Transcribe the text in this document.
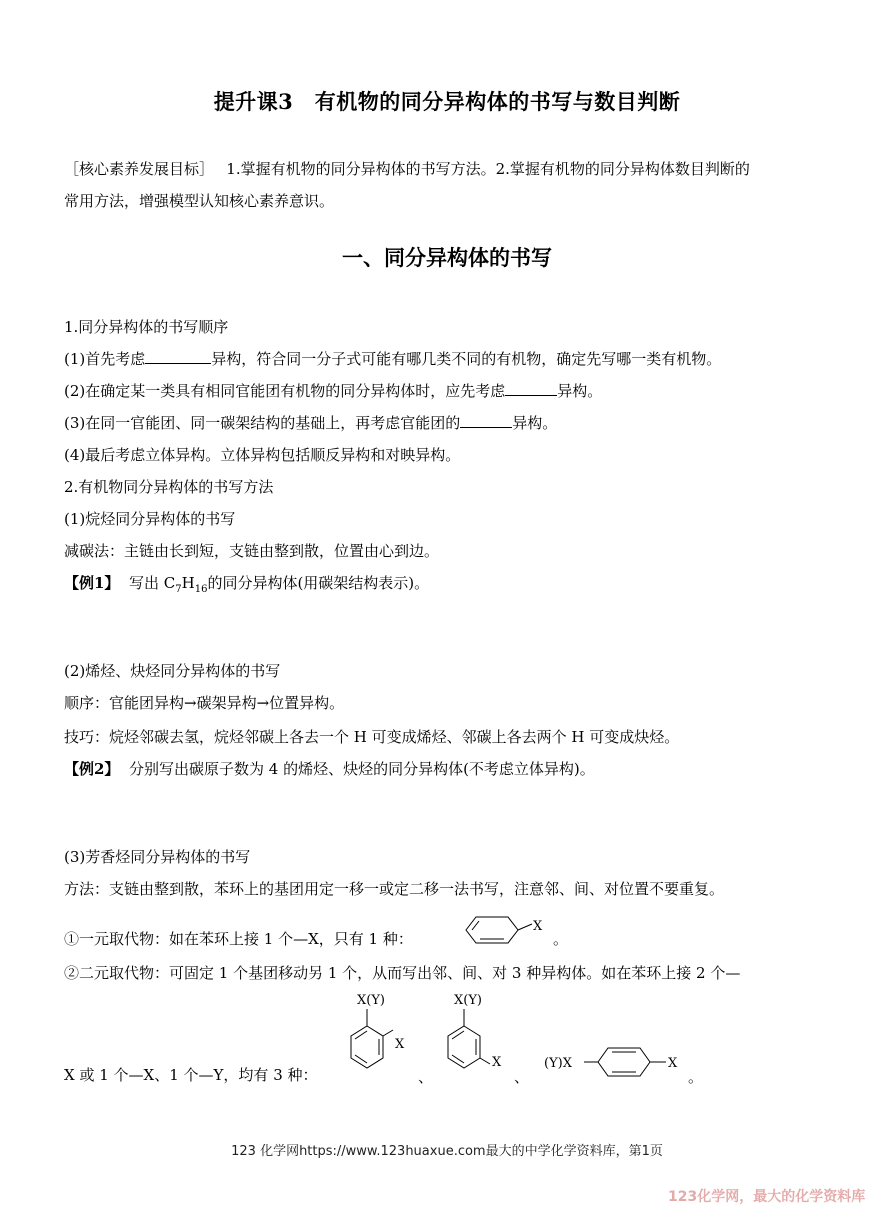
提升课3　有机物的同分异构体的书写与数目判断
［核心素养发展目标］　 1.掌握有机物的同分异构体的书写方法。2.掌握有机物的同分异构体数目判断的
常用方法，增强模型认知核心素养意识。
一、同分异构体的书写
1.同分异构体的书写顺序
(1)首先考虑	异构，符合同一分子式可能有哪几类不同的有机物，确定先写哪一类有机物。
(2)在确定某一类具有相同官能团有机物的同分异构体时，应先考虑	异构。
(3)在同一官能团、同一碳架结构的基础上，再考虑官能团的	异构。
(4)最后考虑立体异构。立体异构包括顺反异构和对映异构。
2.有机物同分异构体的书写方法
(1)烷烃同分异构体的书写
减碳法：主链由长到短，支链由整到散，位置由心到边。
【例1】 写出 $C_7H_{16}$的同分异构体(用碳架结构表示)。
(2)烯烃、炔烃同分异构体的书写
顺序：官能团异构→碳架异构→位置异构。
技巧：烷烃邻碳去氢，烷烃邻碳上各去一个 H 可变成烯烃、邻碳上各去两个 H 可变成炔烃。
【例2】 分别写出碳原子数为 4 的烯烃、炔烃的同分异构体(不考虑立体异构)。
(3)芳香烃同分异构体的书写
方法：支链由整到散，苯环上的基团用定一移一或定二移一法书写，注意邻、间、对位置不要重复。
①一元取代物：如在苯环上接 1 个—X，只有 1 种：
X
。
②二元取代物：可固定 1 个基团移动另 1 个，从而写出邻、间、对 3 种异构体。如在苯环上接 2 个—
X(Y)
X
、
X(Y)
X
、
(Y)X	X
。
X 或 1 个—X、1 个—Y，均有 3 种：
123 化学网https://www.123huaxue.com最大的中学化学资料库，第1页
123化学网，最大的化学资料库
